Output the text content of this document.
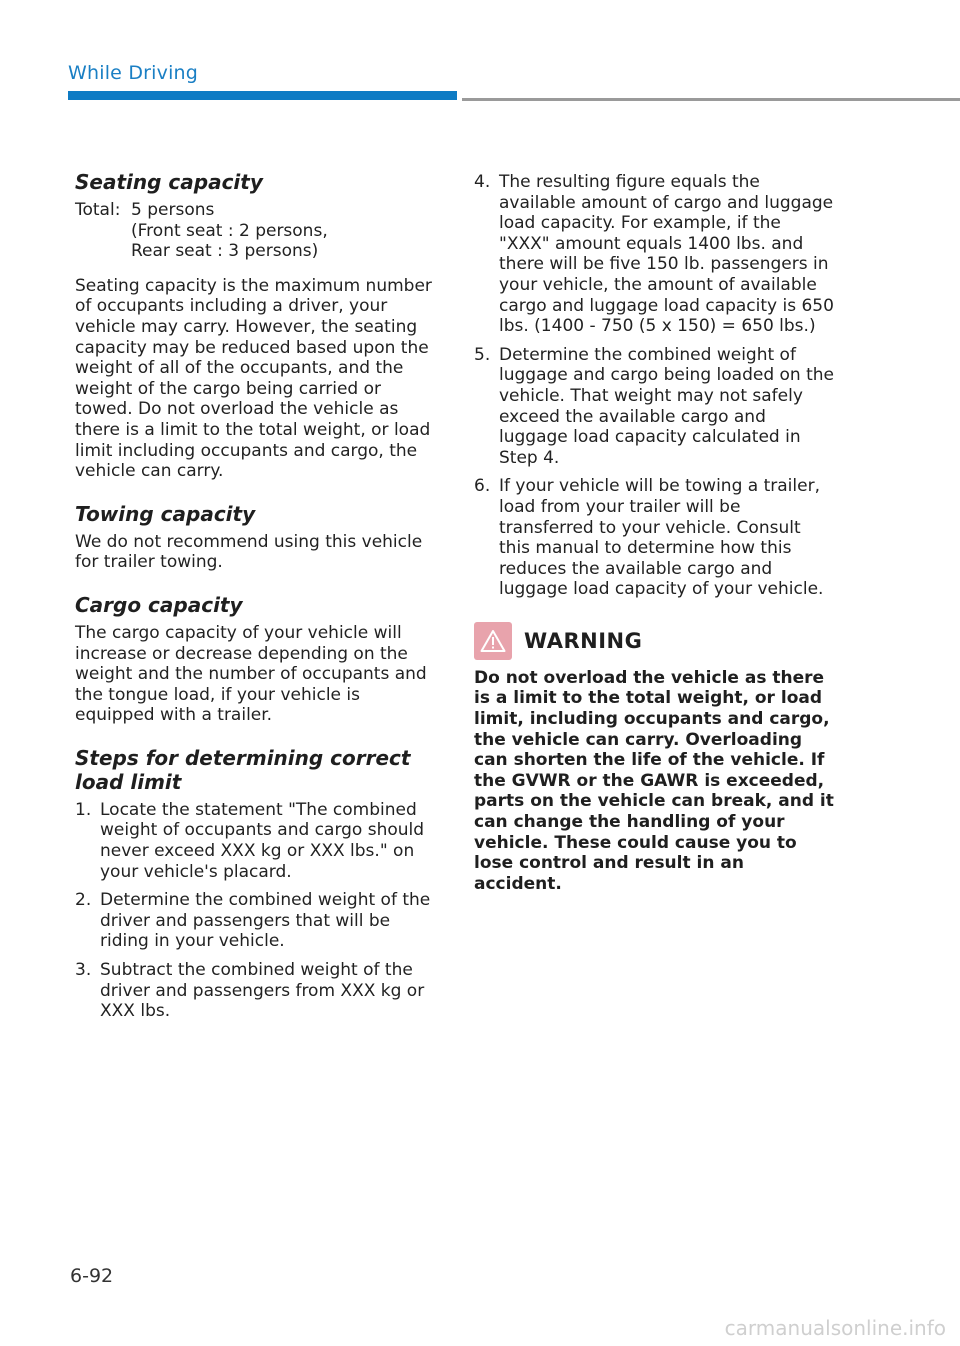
While Driving
Seating capacity
Total: 5 persons
(Front seat : 2 persons,
Rear seat : 3 persons)

Seating capacity is the maximum number of occupants including a driver, your vehicle may carry. However, the seating capacity may be reduced based upon the weight of all of the occupants, and the weight of the cargo being carried or towed. Do not overload the vehicle as there is a limit to the total weight, or load limit including occupants and cargo, the vehicle can carry.

Towing capacity

We do not recommend using this vehicle for trailer towing.

Cargo capacity

The cargo capacity of your vehicle will increase or decrease depending on the weight and the number of occupants and the tongue load, if your vehicle is equipped with a trailer.

Steps for determining correct load limit
1. Locate the statement "The combined weight of occupants and cargo should never exceed XXX kg or XXX lbs." on your vehicle's placard.
2. Determine the combined weight of the driver and passengers that will be riding in your vehicle.
3. Subtract the combined weight of the driver and passengers from XXX kg or XXX lbs.
4. The resulting figure equals the available amount of cargo and luggage load capacity. For example, if the "XXX" amount equals 1400 lbs. and there will be five 150 lb. passengers in your vehicle, the amount of available cargo and luggage load capacity is 650 lbs. (1400 - 750 (5 x 150) = 650 lbs.)
5. Determine the combined weight of luggage and cargo being loaded on the vehicle. That weight may not safely exceed the available cargo and luggage load capacity calculated in Step 4.
6. If your vehicle will be towing a trailer, load from your trailer will be transferred to your vehicle. Consult this manual to determine how this reduces the available cargo and luggage load capacity of your vehicle.
WARNING

Do not overload the vehicle as there is a limit to the total weight, or load limit, including occupants and cargo, the vehicle can carry. Overloading can shorten the life of the vehicle. If the GVWR or the GAWR is exceeded, parts on the vehicle can break, and it can change the handling of your vehicle. These could cause you to lose control and result in an accident.

6-92
carmanualsonline.info
